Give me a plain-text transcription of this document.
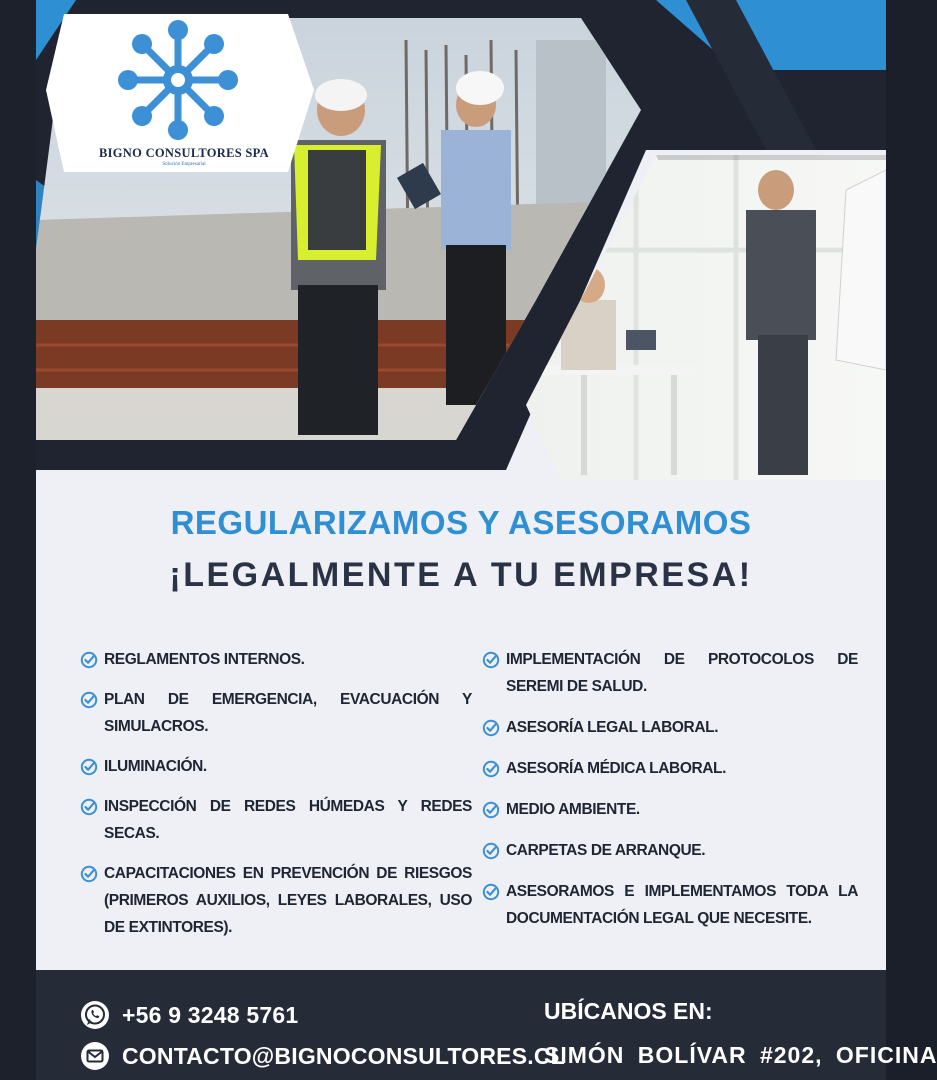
BIGNO CONSULTORES SPA
Solución Empresarial
REGULARIZAMOS Y ASESORAMOS
¡LEGALMENTE A TU EMPRESA!
REGLAMENTOS INTERNOS.
PLAN DE EMERGENCIA, EVACUACIÓN Y SIMULACROS.
ILUMINACIÓN.
INSPECCIÓN DE REDES HÚMEDAS Y REDES SECAS.
CAPACITACIONES EN PREVENCIÓN DE RIESGOS (PRIMEROS AUXILIOS, LEYES LABORALES, USO DE EXTINTORES).
IMPLEMENTACIÓN DE PROTOCOLOS DE SEREMI DE SALUD.
ASESORÍA LEGAL LABORAL.
ASESORÍA MÉDICA LABORAL.
MEDIO AMBIENTE.
CARPETAS DE ARRANQUE.
ASESORAMOS E IMPLEMENTAMOS TODA LA DOCUMENTACIÓN LEGAL QUE NECESITE.
+56 9 3248 5761
CONTACTO@BIGNOCONSULTORES.CL
UBÍCANOS EN:
SIMÓN BOLÍVAR #202, OFICINA
